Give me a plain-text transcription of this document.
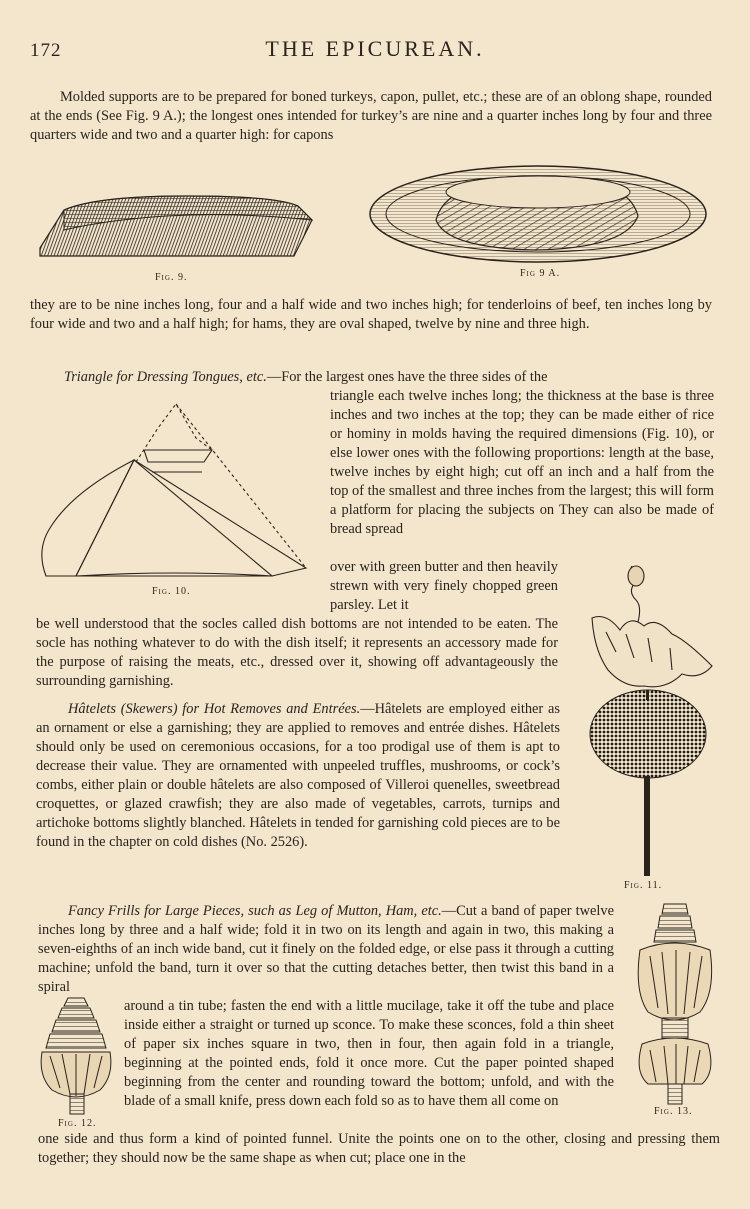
172	THE EPICUREAN.

Molded supports are to be prepared for boned turkeys, capon, pullet, etc.; these are of an oblong shape, rounded at the ends (See Fig. 9 A.); the longest ones intended for turkey’s are nine and a quarter inches long by four and three quarters wide and two and a quarter high: for capons

Fig. 9.	Fig 9 A.

they are to be nine inches long, four and a half wide and two inches high; for tenderloins of beef, ten inches long by four wide and two and a half high; for hams, they are oval shaped, twelve by nine and three high.

Triangle for Dressing Tongues, etc.—For the largest ones have the three sides of the

triangle each twelve inches long; the thickness at the base is three inches and two inches at the top; they can be made either of rice or hominy in molds having the required dimensions (Fig. 10), or else lower ones with the following proportions: length at the base, twelve inches by eight high; cut off an inch and a half from the top of the smallest and three inches from the largest; this will form a platform for placing the subjects on They can also be made of bread spread

over with green butter and then heavily strewn with very finely chopped green parsley. Let it

be well understood that the socles called dish bottoms are not intended to be eaten. The socle has nothing whatever to do with the dish itself; it represents an accessory made for the purpose of raising the meats, etc., dressed over it, showing off advantageously the surrounding garnishing.

Fig. 10.
Fig. 11.

Hâtelets (Skewers) for Hot Removes and Entrées.—Hâtelets are employed either as an ornament or else a garnishing; they are applied to removes and entrée dishes. Hâtelets should only be used on ceremonious occasions, for a too prodigal use of them is apt to decrease their value. They are ornamented with unpeeled truffles, mushrooms, or cock’s combs, either plain or double hâtelets are also composed of Villeroi quenelles, sweetbread croquettes, or glazed crawfish; they are also made of vegetables, carrots, turnips and artichoke bottoms slightly blanched. Hâtelets in tended for garnishing cold pieces are to be found in the chapter on cold dishes (No. 2526).

Fancy Frills for Large Pieces, such as Leg of Mutton, Ham, etc.—Cut a band of paper twelve inches long by three and a half wide; fold it in two on its length and again in two, this making a seven-eighths of an inch wide band, cut it finely on the folded edge, or else pass it through a cutting machine; unfold the band, turn it over so that the cutting detaches better, then twist this band in a spiral

around a tin tube; fasten the end with a little mucilage, take it off the tube and place inside either a straight or turned up sconce. To make these sconces, fold a thin sheet of paper six inches square in two, then in four, then again fold in a triangle, beginning at the pointed ends, fold it once more. Cut the paper pointed shaped beginning from the center and rounding toward the bottom; unfold, and with the blade of a small knife, press down each fold so as to have them all come on

one side and thus form a kind of pointed funnel. Unite the points one on to the other, closing and pressing them together; they should now be the same shape as when cut; place one in the

Fig. 12.
Fig. 13.
